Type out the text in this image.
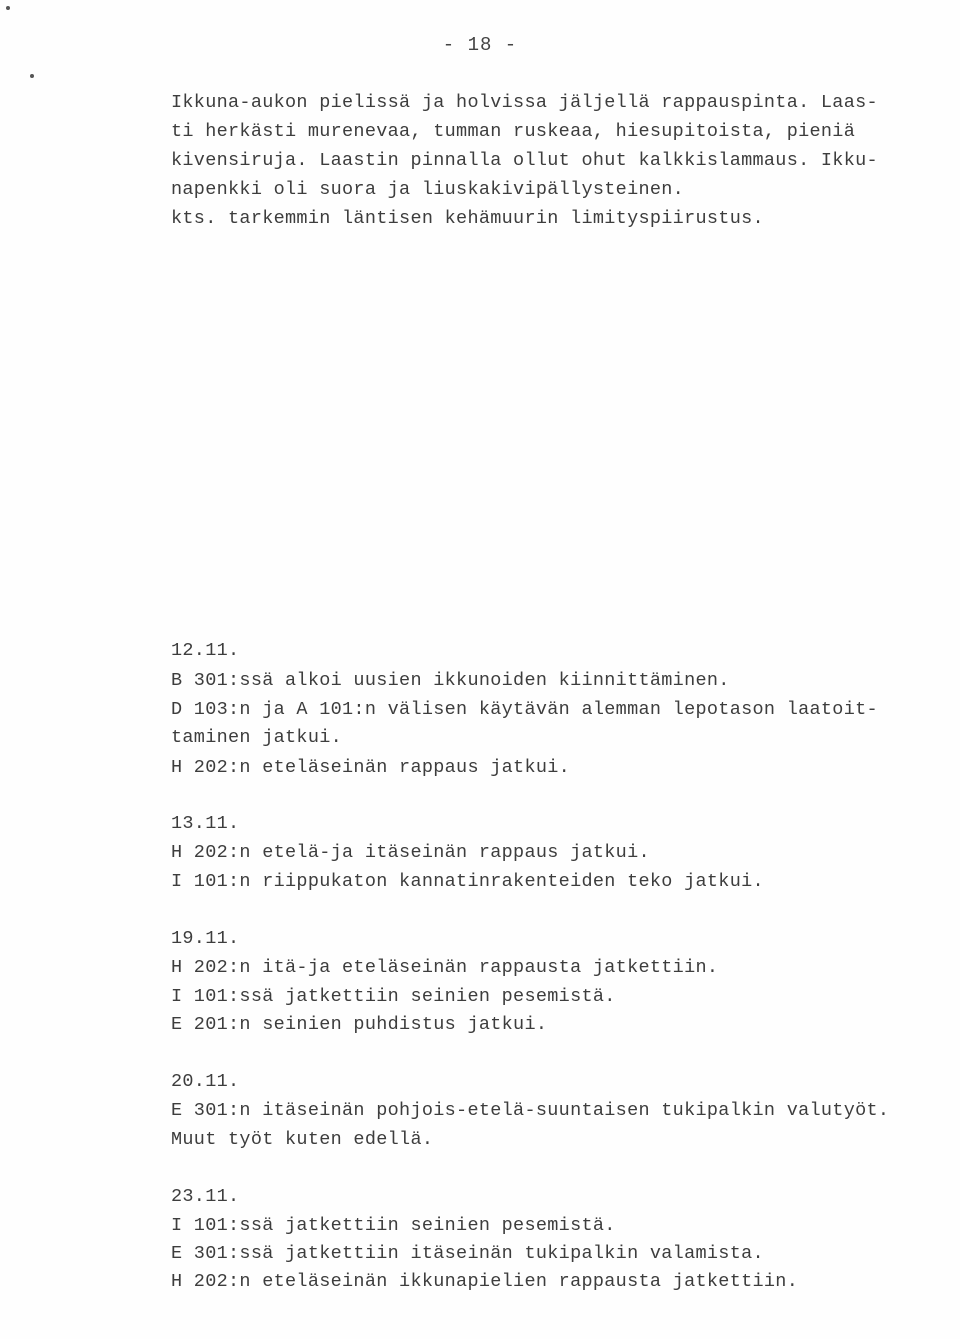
- 18 -
Ikkuna-aukon pielissä ja holvissa jäljellä rappauspinta. Laas-
ti herkästi murenevaa, tumman ruskeaa, hiesupitoista, pieniä
kivensiruja. Laastin pinnalla ollut ohut kalkkislammaus. Ikku-
napenkki oli suora ja liuskakivipällysteinen.
kts. tarkemmin läntisen kehämuurin limityspiirustus.
12.11.
B 301:ssä alkoi uusien ikkunoiden kiinnittäminen.
D 103:n ja A 101:n välisen käytävän alemman lepotason laatoit-
taminen jatkui.
H 202:n eteläseinän rappaus jatkui.
13.11.
H 202:n etelä-ja itäseinän rappaus jatkui.
I 101:n riippukaton kannatinrakenteiden teko jatkui.
19.11.
H 202:n itä-ja eteläseinän rappausta jatkettiin.
I 101:ssä jatkettiin seinien pesemistä.
E 201:n seinien puhdistus jatkui.
20.11.
E 301:n itäseinän pohjois-etelä-suuntaisen tukipalkin valutyöt.
Muut työt kuten edellä.
23.11.
I 101:ssä jatkettiin seinien pesemistä.
E 301:ssä jatkettiin itäseinän tukipalkin valamista.
H 202:n eteläseinän ikkunapielien rappausta jatkettiin.
